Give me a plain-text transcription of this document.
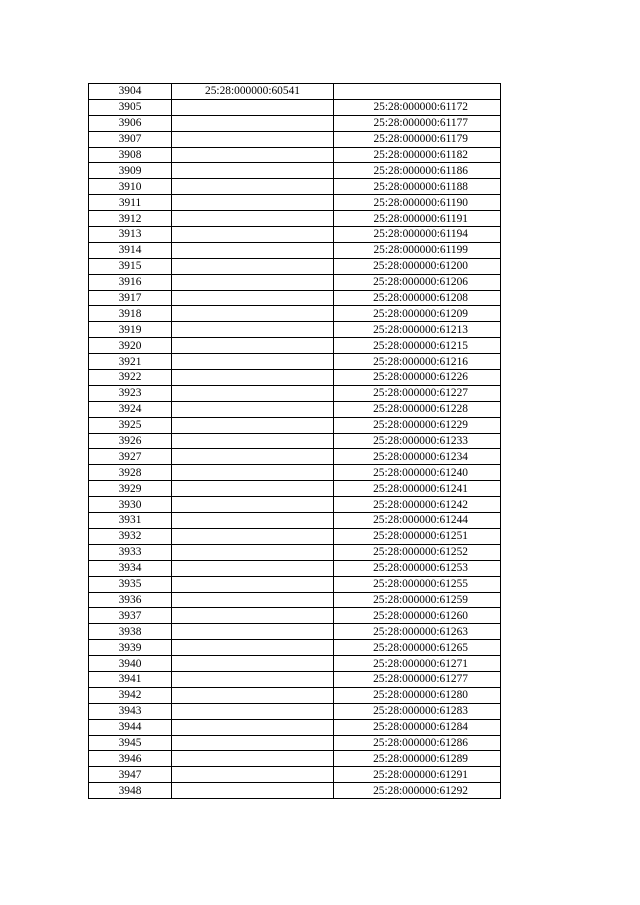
3904	25:28:000000:60541	
3905		25:28:000000:61172
3906		25:28:000000:61177
3907		25:28:000000:61179
3908		25:28:000000:61182
3909		25:28:000000:61186
3910		25:28:000000:61188
3911		25:28:000000:61190
3912		25:28:000000:61191
3913		25:28:000000:61194
3914		25:28:000000:61199
3915		25:28:000000:61200
3916		25:28:000000:61206
3917		25:28:000000:61208
3918		25:28:000000:61209
3919		25:28:000000:61213
3920		25:28:000000:61215
3921		25:28:000000:61216
3922		25:28:000000:61226
3923		25:28:000000:61227
3924		25:28:000000:61228
3925		25:28:000000:61229
3926		25:28:000000:61233
3927		25:28:000000:61234
3928		25:28:000000:61240
3929		25:28:000000:61241
3930		25:28:000000:61242
3931		25:28:000000:61244
3932		25:28:000000:61251
3933		25:28:000000:61252
3934		25:28:000000:61253
3935		25:28:000000:61255
3936		25:28:000000:61259
3937		25:28:000000:61260
3938		25:28:000000:61263
3939		25:28:000000:61265
3940		25:28:000000:61271
3941		25:28:000000:61277
3942		25:28:000000:61280
3943		25:28:000000:61283
3944		25:28:000000:61284
3945		25:28:000000:61286
3946		25:28:000000:61289
3947		25:28:000000:61291
3948		25:28:000000:61292
